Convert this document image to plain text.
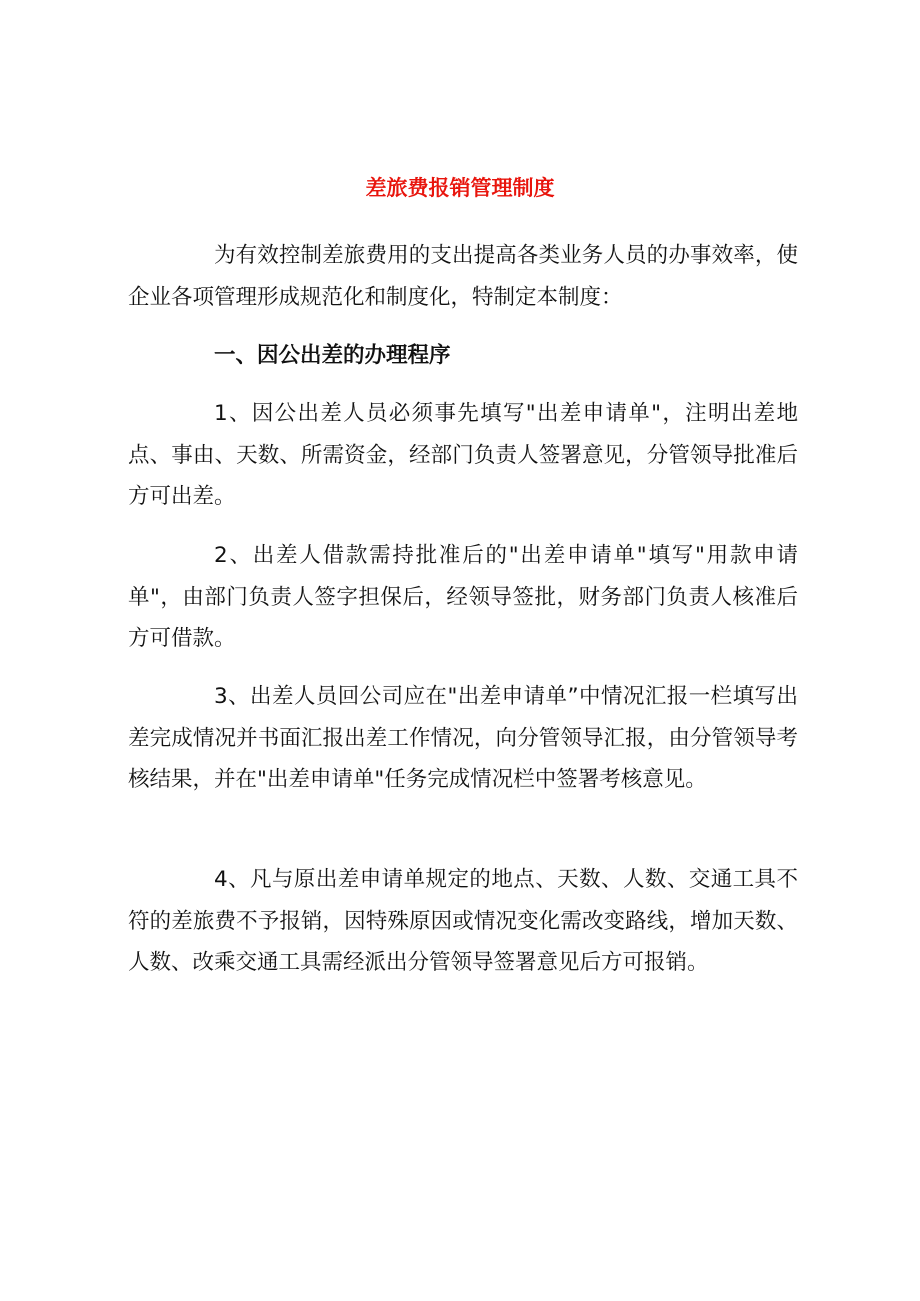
差旅费报销管理制度

为有效控制差旅费用的支出提高各类业务人员的办事效率，使企业各项管理形成规范化和制度化，特制定本制度：

一、因公出差的办理程序

1、因公出差人员必须事先填写"出差申请单"，注明出差地点、事由、天数、所需资金，经部门负责人签署意见，分管领导批准后方可出差。

2、出差人借款需持批准后的"出差申请单"填写"用款申请单"，由部门负责人签字担保后，经领导签批，财务部门负责人核准后方可借款。

3、出差人员回公司应在"出差申请单”中情况汇报一栏填写出差完成情况并书面汇报出差工作情况，向分管领导汇报，由分管领导考核结果，并在"出差申请单"任务完成情况栏中签署考核意见。

4、凡与原出差申请单规定的地点、天数、人数、交通工具不符的差旅费不予报销，因特殊原因或情况变化需改变路线，增加天数、人数、改乘交通工具需经派出分管领导签署意见后方可报销。
